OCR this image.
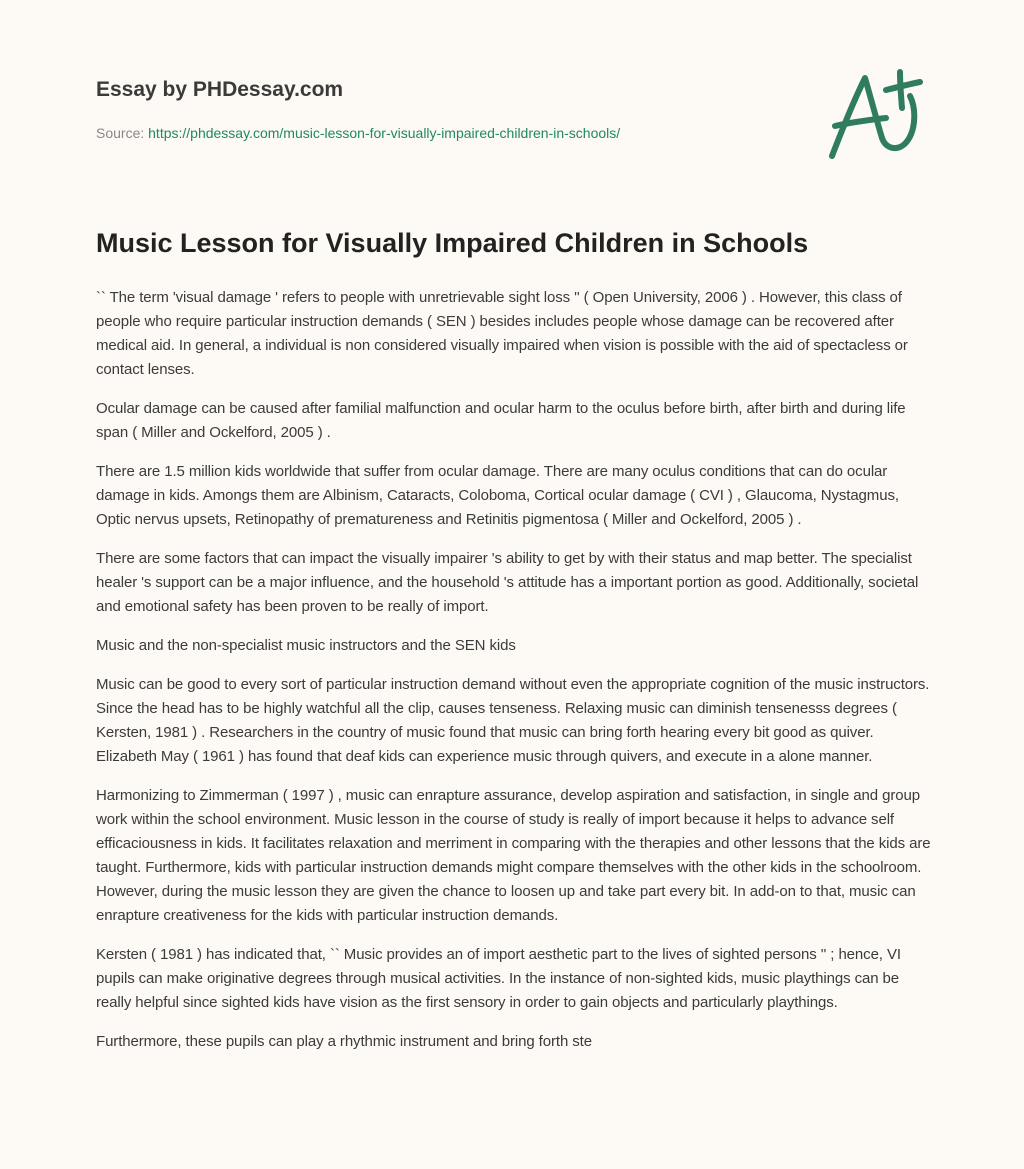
Essay by PHDessay.com

Source: https://phdessay.com/music-lesson-for-visually-impaired-children-in-schools/

Music Lesson for Visually Impaired Children in Schools

`` The term 'visual damage ' refers to people with unretrievable sight loss '' ( Open University, 2006 ) . However, this class of people who require particular instruction demands ( SEN ) besides includes people whose damage can be recovered after medical aid. In general, a individual is non considered visually impaired when vision is possible with the aid of spectacless or contact lenses.

Ocular damage can be caused after familial malfunction and ocular harm to the oculus before birth, after birth and during life span ( Miller and Ockelford, 2005 ) .

There are 1.5 million kids worldwide that suffer from ocular damage. There are many oculus conditions that can do ocular damage in kids. Amongs them are Albinism, Cataracts, Coloboma, Cortical ocular damage ( CVI ) , Glaucoma, Nystagmus, Optic nervus upsets, Retinopathy of prematureness and Retinitis pigmentosa ( Miller and Ockelford, 2005 ) .

There are some factors that can impact the visually impairer 's ability to get by with their status and map better. The specialist healer 's support can be a major influence, and the household 's attitude has a important portion as good. Additionally, societal and emotional safety has been proven to be really of import.

Music and the non-specialist music instructors and the SEN kids

Music can be good to every sort of particular instruction demand without even the appropriate cognition of the music instructors. Since the head has to be highly watchful all the clip, causes tenseness. Relaxing music can diminish tensenesss degrees ( Kersten, 1981 ) . Researchers in the country of music found that music can bring forth hearing every bit good as quiver. Elizabeth May ( 1961 ) has found that deaf kids can experience music through quivers, and execute in a alone manner.

Harmonizing to Zimmerman ( 1997 ) , music can enrapture assurance, develop aspiration and satisfaction, in single and group work within the school environment. Music lesson in the course of study is really of import because it helps to advance self efficaciousness in kids. It facilitates relaxation and merriment in comparing with the therapies and other lessons that the kids are taught. Furthermore, kids with particular instruction demands might compare themselves with the other kids in the schoolroom. However, during the music lesson they are given the chance to loosen up and take part every bit. In add-on to that, music can enrapture creativeness for the kids with particular instruction demands.

Kersten ( 1981 ) has indicated that, `` Music provides an of import aesthetic part to the lives of sighted persons '' ; hence, VI pupils can make originative degrees through musical activities. In the instance of non-sighted kids, music playthings can be really helpful since sighted kids have vision as the first sensory in order to gain objects and particularly playthings.

Furthermore, these pupils can play a rhythmic instrument and bring forth ste
